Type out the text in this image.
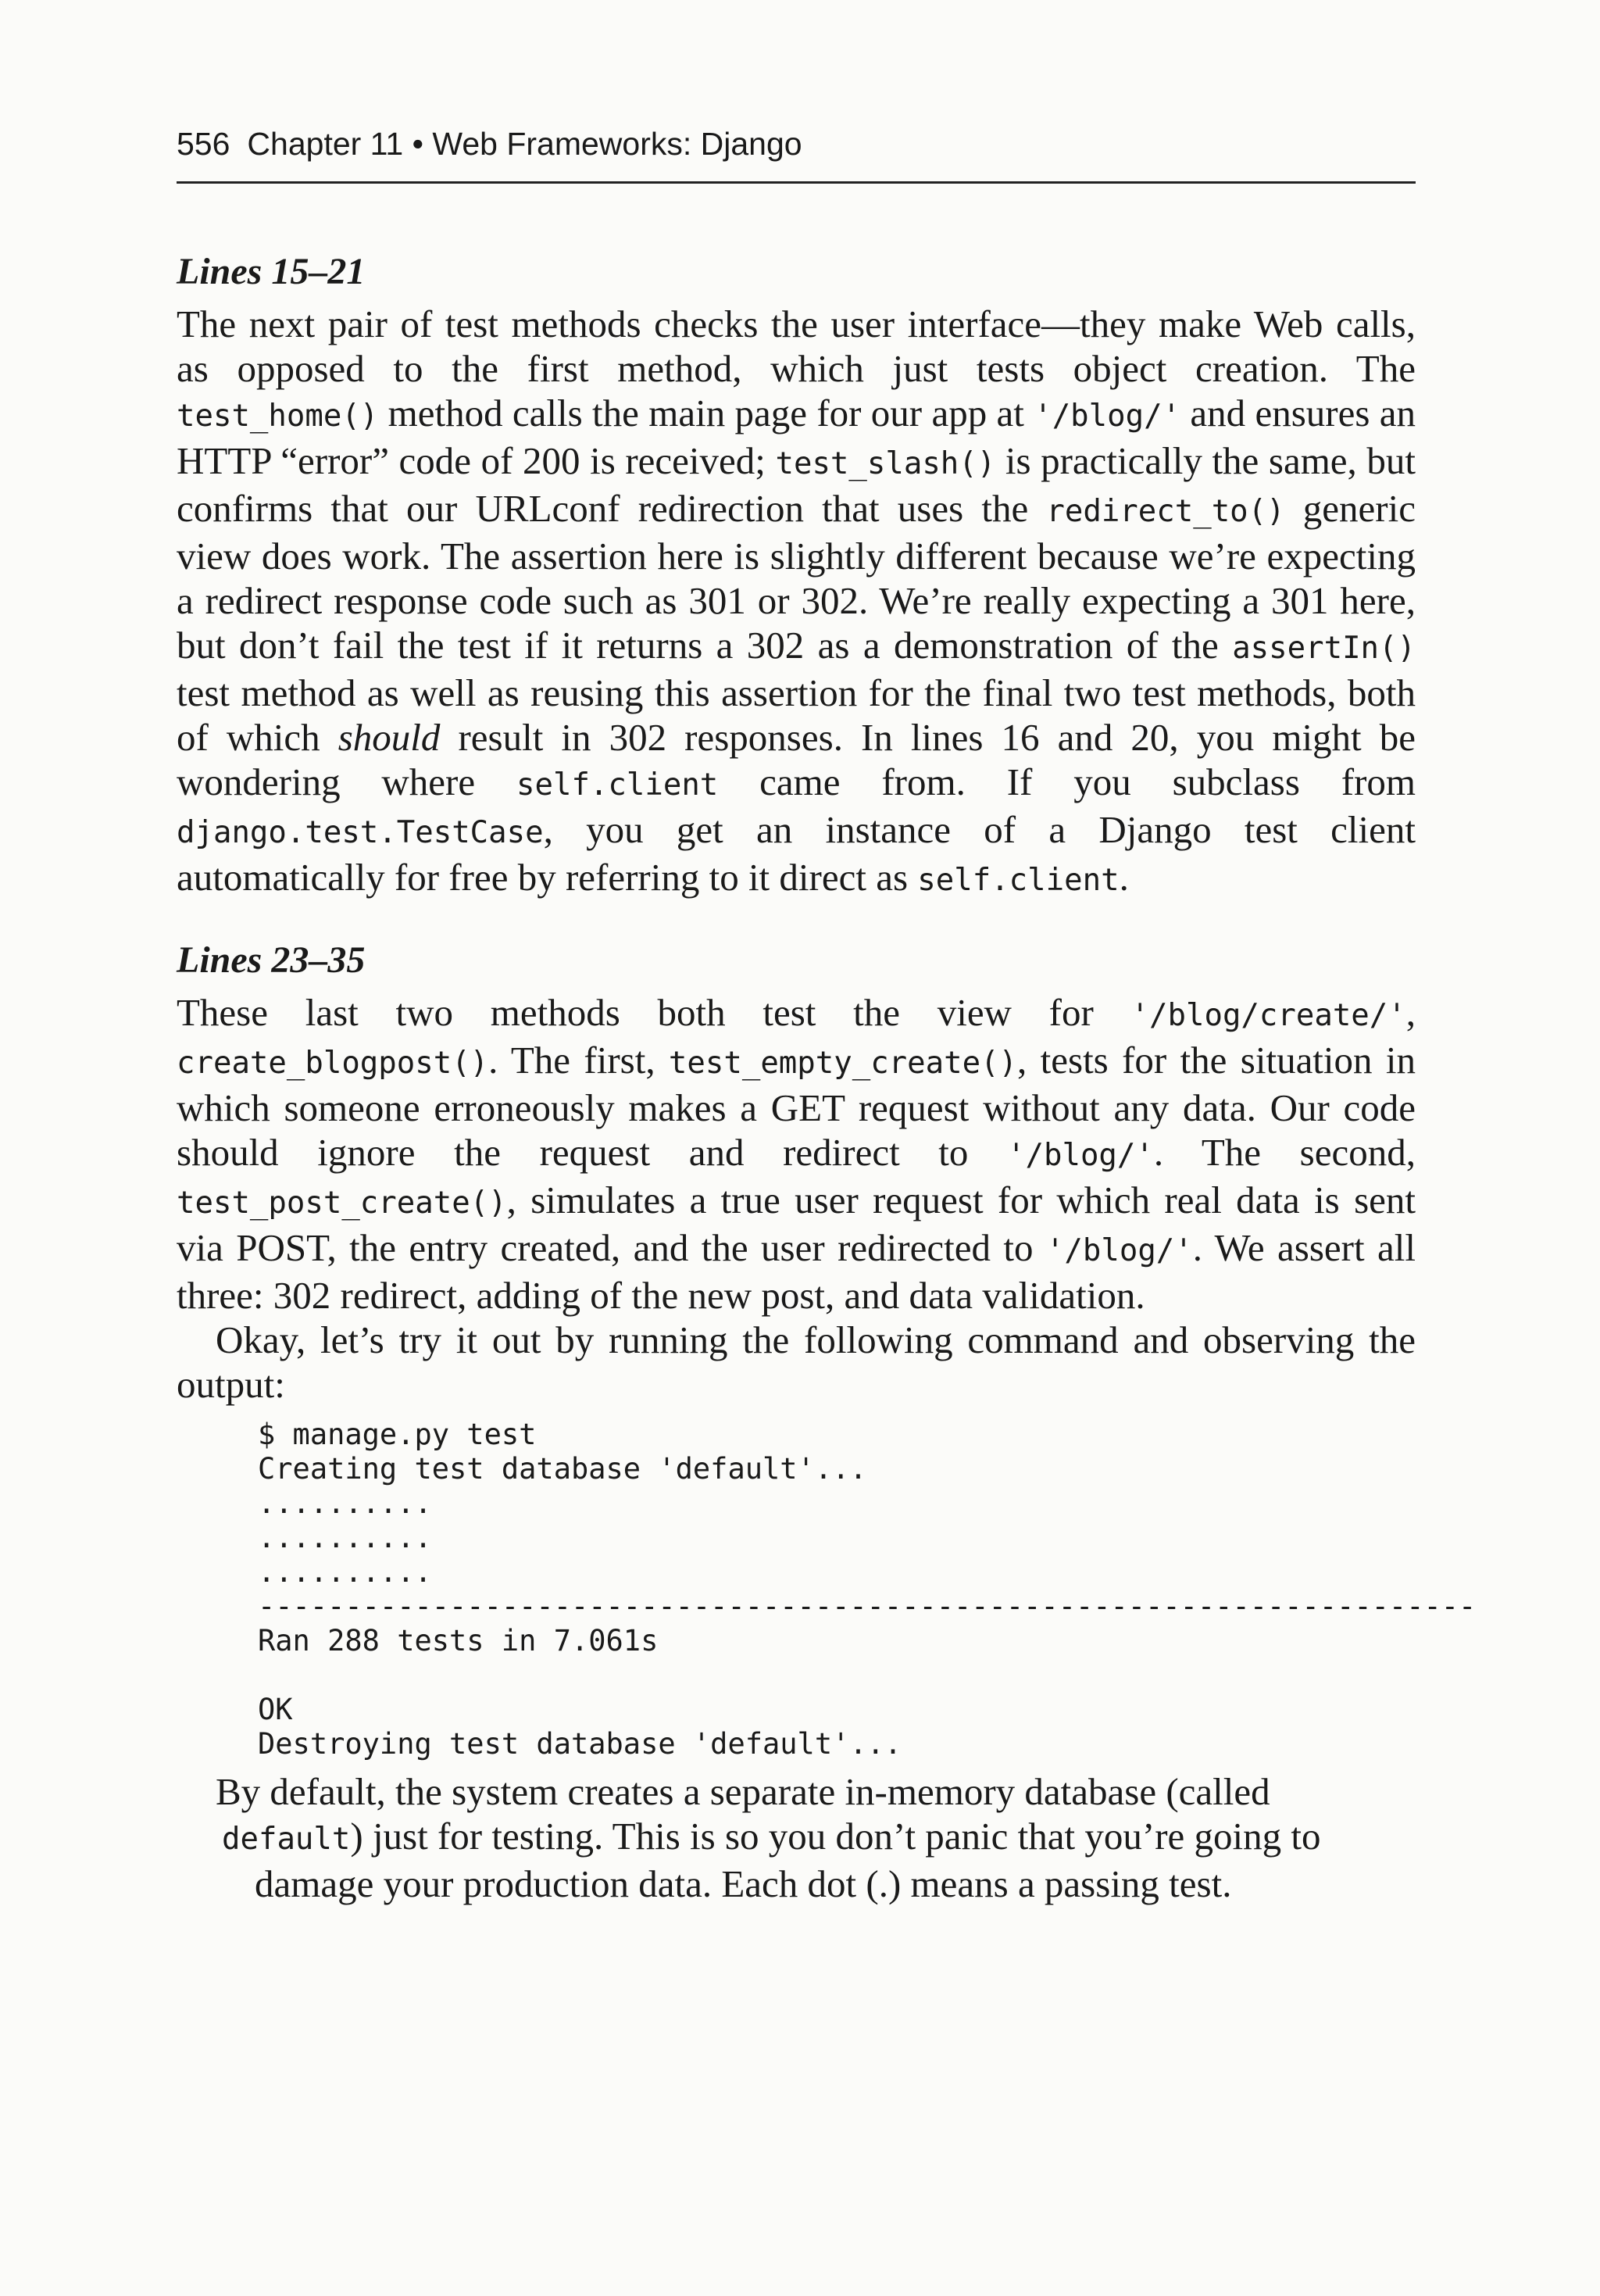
556 Chapter 11 • Web Frameworks: Django

Lines 15–21

The next pair of test methods checks the user interface—they make Web calls, as opposed to the first method, which just tests object creation. The test_home() method calls the main page for our app at '/blog/' and ensures an HTTP “error” code of 200 is received; test_slash() is practically the same, but confirms that our URLconf redirection that uses the redirect_to() generic view does work. The assertion here is slightly different because we’re expecting a redirect response code such as 301 or 302. We’re really expecting a 301 here, but don’t fail the test if it returns a 302 as a demonstration of the assertIn() test method as well as reusing this assertion for the final two test methods, both of which should result in 302 responses. In lines 16 and 20, you might be wondering where self.client came from. If you subclass from django.test.TestCase, you get an instance of a Django test client automatically for free by referring to it direct as self.client.

Lines 23–35

These last two methods both test the view for '/blog/create/', create_blogpost(). The first, test_empty_create(), tests for the situation in which someone erroneously makes a GET request without any data. Our code should ignore the request and redirect to '/blog/'. The second, test_post_create(), simulates a true user request for which real data is sent via POST, the entry created, and the user redirected to '/blog/'. We assert all three: 302 redirect, adding of the new post, and data validation.

Okay, let’s try it out by running the following command and observing the output:

$ manage.py test
Creating test database 'default'...
..........
..........
..........
----------------------------------------------------------------------
Ran 288 tests in 7.061s

OK
Destroying test database 'default'...

By default, the system creates a separate in-memory database (called

default) just for testing. This is so you don’t panic that you’re going to

damage your production data. Each dot (.) means a passing test.
